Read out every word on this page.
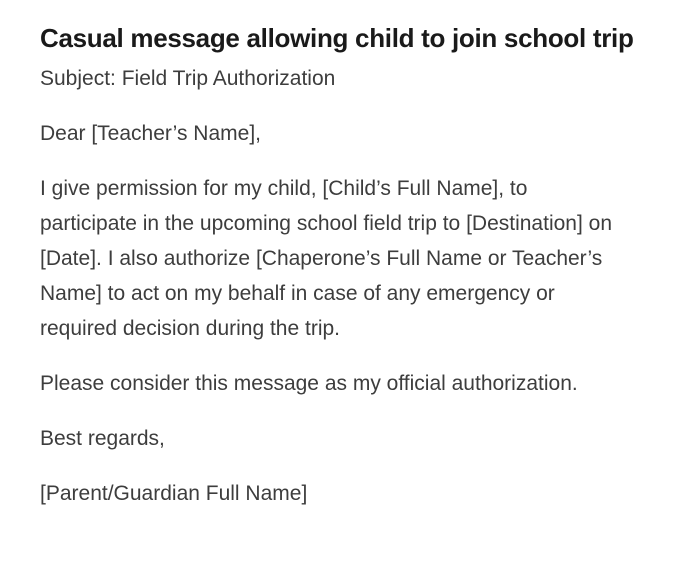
Casual message allowing child to join school trip

Subject: Field Trip Authorization

Dear [Teacher’s Name],

I give permission for my child, [Child’s Full Name], to
participate in the upcoming school field trip to [Destination] on
[Date]. I also authorize [Chaperone’s Full Name or Teacher’s
Name] to act on my behalf in case of any emergency or
required decision during the trip.

Please consider this message as my official authorization.

Best regards,

[Parent/Guardian Full Name]
